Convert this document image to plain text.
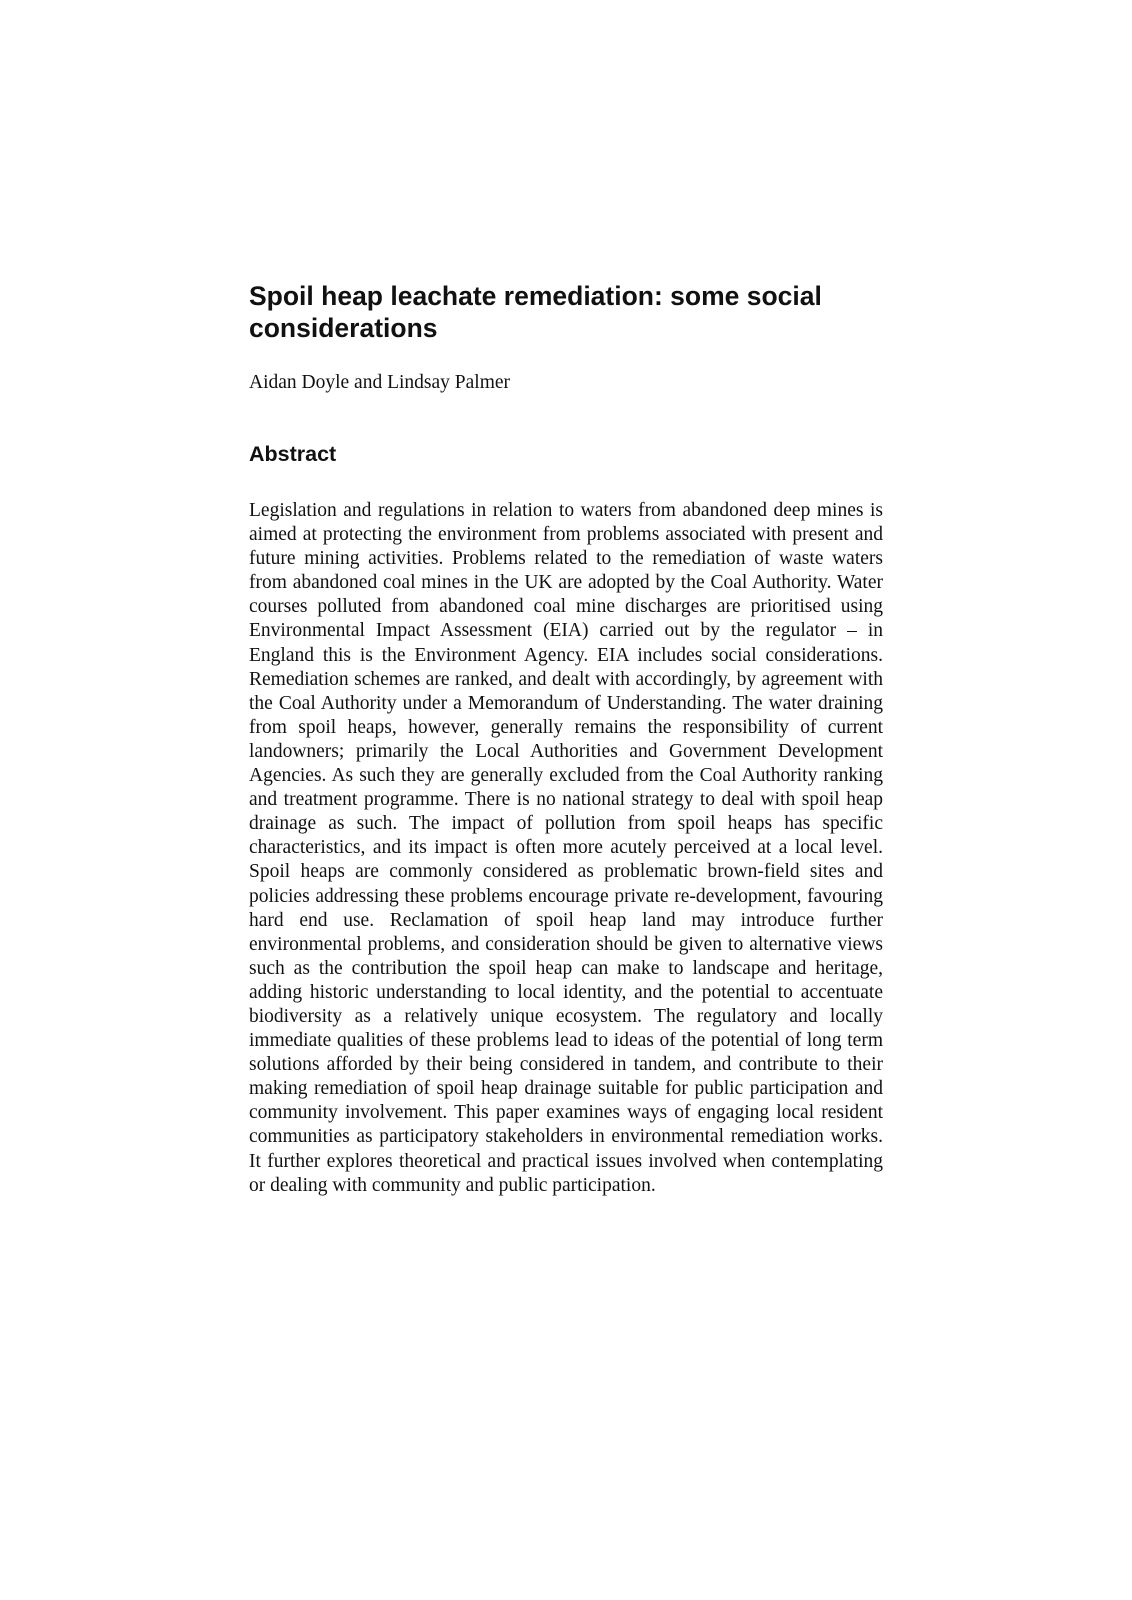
Spoil heap leachate remediation: some social considerations

Aidan Doyle and Lindsay Palmer

Abstract

Legislation and regulations in relation to waters from abandoned deep mines is aimed at protecting the environment from problems associated with present and future mining activities. Problems related to the remediation of waste waters from abandoned coal mines in the UK are adopted by the Coal Authority. Water courses polluted from abandoned coal mine discharges are prioritised using Environmental Impact Assessment (EIA) carried out by the regulator – in England this is the Environment Agency. EIA includes social considerations. Remediation schemes are ranked, and dealt with accordingly, by agreement with the Coal Authority under a Memorandum of Understanding. The water draining from spoil heaps, however, generally remains the responsibility of current landowners; primarily the Local Authorities and Government Development Agencies. As such they are generally excluded from the Coal Authority ranking and treatment programme. There is no national strategy to deal with spoil heap drainage as such. The impact of pollution from spoil heaps has specific characteristics, and its impact is often more acutely perceived at a local level. Spoil heaps are commonly considered as problematic brown-field sites and policies addressing these problems encourage private re-development, favouring hard end use. Reclamation of spoil heap land may introduce further environmental problems, and consideration should be given to alternative views such as the contribution the spoil heap can make to landscape and heritage, adding historic understanding to local identity, and the potential to accentuate biodiversity as a relatively unique ecosystem. The regulatory and locally immediate qualities of these problems lead to ideas of the potential of long term solutions afforded by their being considered in tandem, and contribute to their making remediation of spoil heap drainage suitable for public participation and community involvement. This paper examines ways of engaging local resident communities as participatory stakeholders in environmental remediation works. It further explores theoretical and practical issues involved when contemplating or dealing with community and public participation.
